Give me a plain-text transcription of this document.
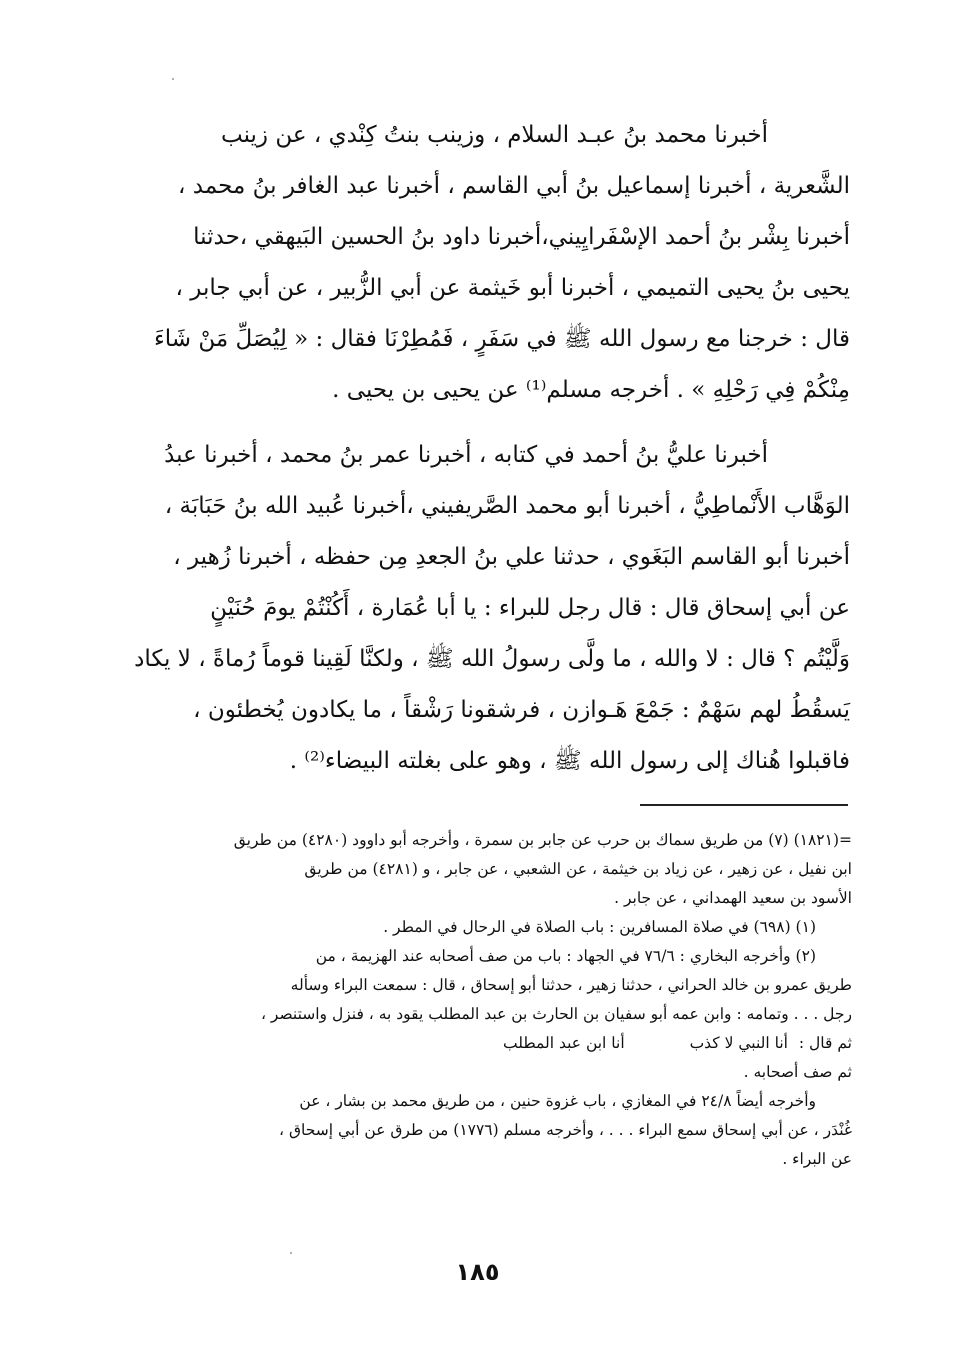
أخبرنا محمد بنُ عبـد السلام ، وزينب بنتُ كِنْدي ، عن زينب
الشَّعرية ، أخبرنا إسماعيل بنُ أبي القاسم ، أخبرنا عبد الغافر بنُ محمد ،
أخبرنا بِشْر بنُ أحمد الإسْفَرايِيني،أخبرنا داود بنُ الحسين البَيهقي ،حدثنا
يحيى بنُ يحيى التميمي ، أخبرنا أبو خَيثمة عن أبي الزُّبير ، عن أبي جابر ،
قال : خرجنا مع رسول الله ﷺ في سَفَرٍ ، فَمُطِرْنَا فقال : « لِيُصَلِّ مَنْ شَاءَ
مِنْكُمْ فِي رَحْلِهِ » . أخرجه مسلم⁽¹⁾ عن يحيى بن يحيى .
أخبرنا عليُّ بنُ أحمد في كتابه ، أخبرنا عمر بنُ محمد ، أخبرنا عبدُ
الوَهَّاب الأَنْماطِيُّ ، أخبرنا أبو محمد الصَّريفيني ،أخبرنا عُبيد الله بنُ حَبَابَة ،
أخبرنا أبو القاسم البَغَوي ، حدثنا علي بنُ الجعدِ مِن حفظه ، أخبرنا زُهير ،
عن أبي إسحاق قال : قال رجل للبراء : يا أبا عُمَارة ، أَكُنْتُمْ يومَ حُنَيْنٍ
وَلَّيْتُم ؟ قال : لا والله ، ما ولَّى رسولُ الله ﷺ ، ولكنَّا لَقِينا قوماً رُماةً ، لا يكاد
يَسقُطُ لهم سَهْمٌ : جَمْعَ هَـوازن ، فرشقونا رَشْقاً ، ما يكادون يُخطئون ،
فاقبلوا هُناك إلى رسول الله ﷺ ، وهو على بغلته البيضاء⁽²⁾ .
=(١٨٢١) (٧) من طريق سماك بن حرب عن جابر بن سمرة ، وأخرجه أبو داوود (٤٢٨٠) من طريق
ابن نفيل ، عن زهير ، عن زياد بن خيثمة ، عن الشعبي ، عن جابر ، و (٤٢٨١) من طريق
الأسود بن سعيد الهمداني ، عن جابر .
(١) (٦٩٨) في صلاة المسافرين : باب الصلاة في الرحال في المطر .
(٢) وأخرجه البخاري : ٧٦/٦ في الجهاد : باب من صف أصحابه عند الهزيمة ، من
طريق عمرو بن خالد الحراني ، حدثنا زهير ، حدثنا أبو إسحاق ، قال : سمعت البراء وسأله
رجل . . . وتمامه : وابن عمه أبو سفيان بن الحارث بن عبد المطلب يقود به ، فنزل واستنصر ،
ثم قال : أنا النبي لا كذب أنا ابن عبد المطلب
ثم صف أصحابه .
وأخرجه أيضاً ٢٤/٨ في المغازي ، باب غزوة حنين ، من طريق محمد بن بشار ، عن
غُنْدَر ، عن أبي إسحاق سمع البراء . . . ، وأخرجه مسلم (١٧٧٦) من طرق عن أبي إسحاق ،
عن البراء .
١٨٥
